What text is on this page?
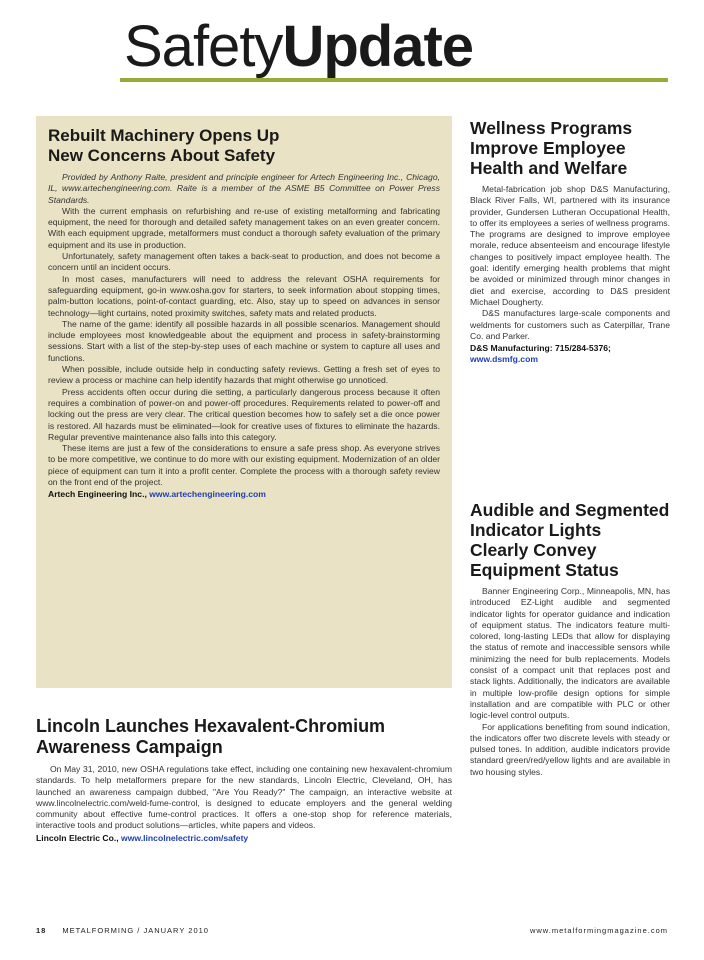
SafetyUpdate
Rebuilt Machinery Opens Up
New Concerns About Safety

Provided by Anthony Raite, president and principle engineer for Artech Engineering Inc., Chicago, IL, www.artechengineering.com. Raite is a member of the ASME B5 Committee on Power Press Standards.

With the current emphasis on refurbishing and re-use of existing metalforming and fabricating equipment, the need for thorough and detailed safety management takes on an even greater concern. With each equipment upgrade, metalformers must conduct a thorough safety evaluation of the primary equipment and its use in production.

Unfortunately, safety management often takes a back-seat to production, and does not become a concern until an incident occurs.

In most cases, manufacturers will need to address the relevant OSHA requirements for safeguarding equipment, go-in www.osha.gov for starters, to seek information about stopping times, palm-button locations, point-of-contact guarding, etc. Also, stay up to speed on advances in sensor technology—light curtains, noted proximity switches, safety mats and related products.

The name of the game: identify all possible hazards in all possible scenarios. Management should include employees most knowledgeable about the equipment and process in safety-brainstorming sessions. Start with a list of the step-by-step uses of each machine or system to capture all uses and functions.

When possible, include outside help in conducting safety reviews. Getting a fresh set of eyes to review a process or machine can help identify hazards that might otherwise go unnoticed.

Press accidents often occur during die setting, a particularly dangerous process because it often requires a combination of power-on and power-off procedures. Requirements related to power-off and locking out the press are very clear. The critical question becomes how to safely set a die once power is restored. All hazards must be eliminated—look for creative uses of fixtures to eliminate the hazards. Regular preventive maintenance also falls into this category.

These items are just a few of the considerations to ensure a safe press shop. As everyone strives to be more competitive, we continue to do more with our existing equipment. Modernization of an older piece of equipment can turn it into a profit center. Complete the process with a thorough safety review on the front end of the project.

Artech Engineering Inc., www.artechengineering.com

Lincoln Launches Hexavalent-Chromium
Awareness Campaign

On May 31, 2010, new OSHA regulations take effect, including one containing new hexavalent-chromium standards. To help metalformers prepare for the new standards, Lincoln Electric, Cleveland, OH, has launched an awareness campaign dubbed, "Are You Ready?" The campaign, an interactive website at www.lincolnelectric.com/weld-fume-control, is designed to educate employers and the general welding community about effective fume-control practices. It offers a one-stop shop for reference materials, interactive tools and product solutions—articles, white papers and videos.

Lincoln Electric Co., www.lincolnelectric.com/safety

Wellness Programs
Improve Employee
Health and Welfare

Metal-fabrication job shop D&S Manufacturing, Black River Falls, WI, partnered with its insurance provider, Gundersen Lutheran Occupational Health, to offer its employees a series of wellness programs. The programs are designed to improve employee morale, reduce absenteeism and encourage lifestyle changes to positively impact employee health. The goal: identify emerging health problems that might be avoided or minimized through minor changes in diet and exercise, according to D&S president Michael Dougherty.

D&S manufactures large-scale components and weldments for customers such as Caterpillar, Trane Co. and Parker.

D&S Manufacturing: 715/284-5376;

www.dsmfg.com

Audible and Segmented
Indicator Lights
Clearly Convey
Equipment Status

Banner Engineering Corp., Minneapolis, MN, has introduced EZ-Light audible and segmented indicator lights for operator guidance and indication of equipment status. The indicators feature multi-colored, long-lasting LEDs that allow for displaying the status of remote and inaccessible sensors while minimizing the need for bulb replacements. Models consist of a compact unit that replaces post and stack lights. Additionally, the indicators are available in multiple low-profile design options for simple installation and are compatible with PLC or other logic-level control outputs.

For applications benefiting from sound indication, the indicators offer two discrete levels with steady or pulsed tones. In addition, audible indicators provide standard green/red/yellow lights and are available in two housing styles.

18 METALFORMING / JANUARY 2010	www.metalformingmagazine.com
